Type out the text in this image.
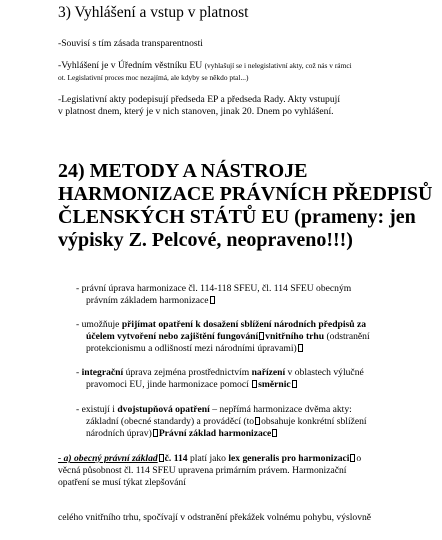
3) Vyhlášení a vstup v platnost
-Souvisí s tím zásada transparentnosti
-Vyhlášení je v Úředním věstníku EU (vyhlašují se i nelegislativní akty, což nás v rámci
ot. Legislativní proces moc nezajímá, ale kdyby se někdo ptal...)
-Legislativní akty podepisují předseda EP a předseda Rady. Akty vstupují
v platnost dnem, který je v nich stanoven, jinak 20. Dnem po vyhlášení.
24) METODY A NÁSTROJE
HARMONIZACE PRÁVNÍCH PŘEDPISŮ
ČLENSKÝCH STÁTŮ EU (prameny: jen
výpisky Z. Pelcové, neopraveno!!!)
- právní úprava harmonizace čl. 114-118 SFEU, čl. 114 SFEU obecným
právním základem harmonizace
- umožňuje přijímat opatření k dosažení sblížení národních předpisů za
účelem vytvoření nebo zajištění fungování vnitřního trhu (odstranění
protekcionismu a odlišností mezi národními úpravami)
- integrační úprava zejména prostřednictvím nařízení v oblastech výlučné
pravomoci EU, jinde harmonizace pomocí směrnic
- existují i dvojstupňová opatření – nepřímá harmonizace dvěma akty:
základní (obecné standardy) a prováděcí (to obsahuje konkrétní sblížení
národních úprav) Právní základ harmonizace
- a) obecný právní základ č. 114 platí jako lex generalis pro harmonizaci o
věcná působnost čl. 114 SFEU upravena primárním právem. Harmonizační
opatření se musí týkat zlepšování
celého vnitřního trhu, spočívají v odstranění překážek volnému pohybu, výslovně
